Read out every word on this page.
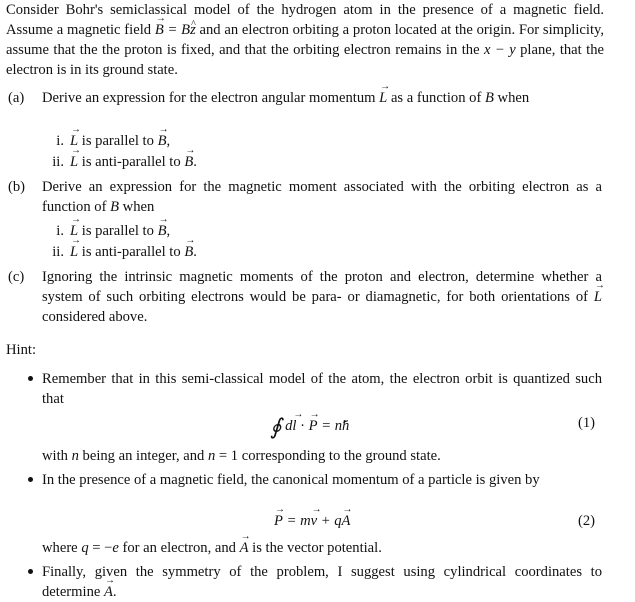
Consider Bohr's semiclassical model of the hydrogen atom in the presence of a magnetic field. Assume a magnetic field B → = Bz ^ and an electron orbiting a proton located at the origin. For simplicity, assume that the the proton is fixed, and that the orbiting electron remains in the x − y plane, that the electron is in its ground state.
(a) Derive an expression for the electron angular momentum L → as a function of B when
i. L → is parallel to B →,
ii. L → is anti-parallel to B →.
(b) Derive an expression for the magnetic moment associated with the orbiting electron as a function of B when
i. L → is parallel to B →,
ii. L → is anti-parallel to B →.
(c) Ignoring the intrinsic magnetic moments of the proton and electron, determine whether a system of such orbiting electrons would be para- or diamagnetic, for both orientations of L → considered above.
Hint:
Remember that in this semi-classical model of the atom, the electron orbit is quantized such that
∮ dl → · P → = nh	(1)
with n being an integer, and n = 1 corresponding to the ground state.
In the presence of a magnetic field, the canonical momentum of a particle is given by
P → = mv → + qA →	(2)
where q = −e for an electron, and A → is the vector potential.
Finally, given the symmetry of the problem, I suggest using cylindrical coordinates to determine A →.
